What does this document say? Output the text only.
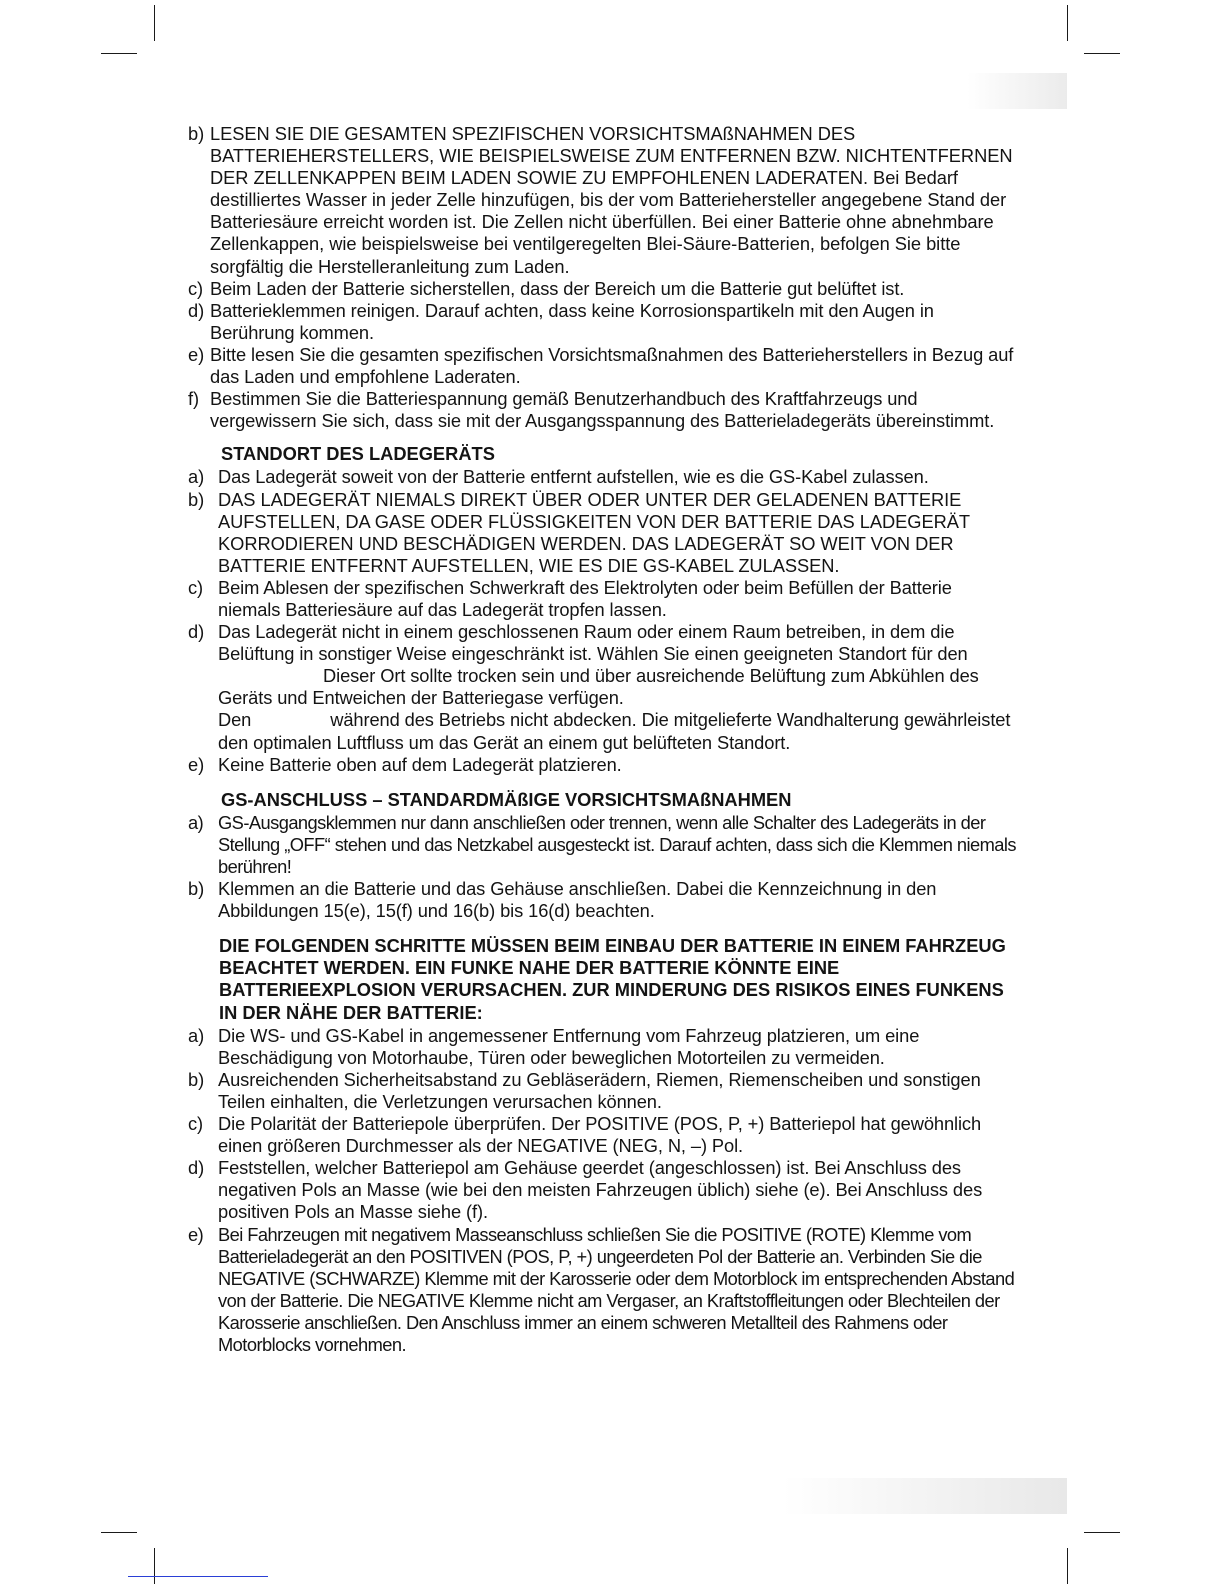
b) LESEN SIE DIE GESAMTEN SPEZIFISCHEN VORSICHTSMAßNAHMEN DES BATTERIEHERSTELLERS, WIE BEISPIELSWEISE ZUM ENTFERNEN BZW. NICHTENTFERNEN DER ZELLENKAPPEN BEIM LADEN SOWIE ZU EMPFOHLENEN LADERATEN. Bei Bedarf destilliertes Wasser in jeder Zelle hinzufügen, bis der vom Batteriehersteller angegebene Stand der Batteriesäure erreicht worden ist. Die Zellen nicht überfüllen. Bei einer Batterie ohne abnehmbare Zellenkappen, wie beispielsweise bei ventilgeregelten Blei-Säure-Batterien, befolgen Sie bitte sorgfältig die Herstelleranleitung zum Laden.
c) Beim Laden der Batterie sicherstellen, dass der Bereich um die Batterie gut belüftet ist.
d) Batterieklemmen reinigen. Darauf achten, dass keine Korrosionspartikeln mit den Augen in Berührung kommen.
e) Bitte lesen Sie die gesamten spezifischen Vorsichtsmaßnahmen des Batterieherstellers in Bezug auf das Laden und empfohlene Laderaten.
f) Bestimmen Sie die Batteriespannung gemäß Benutzerhandbuch des Kraftfahrzeugs und vergewissern Sie sich, dass sie mit der Ausgangsspannung des Batterieladegeräts übereinstimmt.
STANDORT DES LADEGERÄTS
a) Das Ladegerät soweit von der Batterie entfernt aufstellen, wie es die GS-Kabel zulassen.
b) DAS LADEGERÄT NIEMALS DIREKT ÜBER ODER UNTER DER GELADENEN BATTERIE AUFSTELLEN, DA GASE ODER FLÜSSIGKEITEN VON DER BATTERIE DAS LADEGERÄT KORRODIEREN UND BESCHÄDIGEN WERDEN. DAS LADEGERÄT SO WEIT VON DER BATTERIE ENTFERNT AUFSTELLEN, WIE ES DIE GS-KABEL ZULASSEN.
c) Beim Ablesen der spezifischen Schwerkraft des Elektrolyten oder beim Befüllen der Batterie niemals Batteriesäure auf das Ladegerät tropfen lassen.
d) Das Ladegerät nicht in einem geschlossenen Raum oder einem Raum betreiben, in dem die Belüftung in sonstiger Weise eingeschränkt ist. Wählen Sie einen geeigneten Standort für den Dieser Ort sollte trocken sein und über ausreichende Belüftung zum Abkühlen des Geräts und Entweichen der Batteriegase verfügen.
Den	während des Betriebs nicht abdecken. Die mitgelieferte Wandhalterung gewährleistet den optimalen Luftfluss um das Gerät an einem gut belüfteten Standort.
e) Keine Batterie oben auf dem Ladegerät platzieren.
GS-ANSCHLUSS – STANDARDMÄßIGE VORSICHTSMAßNAHMEN
a) GS-Ausgangsklemmen nur dann anschließen oder trennen, wenn alle Schalter des Ladegeräts in der Stellung „OFF“ stehen und das Netzkabel ausgesteckt ist. Darauf achten, dass sich die Klemmen niemals berühren!
b) Klemmen an die Batterie und das Gehäuse anschließen. Dabei die Kennzeichnung in den Abbildungen 15(e), 15(f) und 16(b) bis 16(d) beachten.
DIE FOLGENDEN SCHRITTE MÜSSEN BEIM EINBAU DER BATTERIE IN EINEM FAHRZEUG BEACHTET WERDEN. EIN FUNKE NAHE DER BATTERIE KÖNNTE EINE BATTERIEEXPLOSION VERURSACHEN. ZUR MINDERUNG DES RISIKOS EINES FUNKENS IN DER NÄHE DER BATTERIE:
a) Die WS- und GS-Kabel in angemessener Entfernung vom Fahrzeug platzieren, um eine Beschädigung von Motorhaube, Türen oder beweglichen Motorteilen zu vermeiden.
b) Ausreichenden Sicherheitsabstand zu Gebläserädern, Riemen, Riemenscheiben und sonstigen Teilen einhalten, die Verletzungen verursachen können.
c) Die Polarität der Batteriepole überprüfen. Der POSITIVE (POS, P, +) Batteriepol hat gewöhnlich einen größeren Durchmesser als der NEGATIVE (NEG, N, –) Pol.
d) Feststellen, welcher Batteriepol am Gehäuse geerdet (angeschlossen) ist. Bei Anschluss des negativen Pols an Masse (wie bei den meisten Fahrzeugen üblich) siehe (e). Bei Anschluss des positiven Pols an Masse siehe (f).
e) Bei Fahrzeugen mit negativem Masseanschluss schließen Sie die POSITIVE (ROTE) Klemme vom Batterieladegerät an den POSITIVEN (POS, P, +) ungeerdeten Pol der Batterie an. Verbinden Sie die NEGATIVE (SCHWARZE) Klemme mit der Karosserie oder dem Motorblock im entsprechenden Abstand von der Batterie. Die NEGATIVE Klemme nicht am Vergaser, an Kraftstoffleitungen oder Blechteilen der Karosserie anschließen. Den Anschluss immer an einem schweren Metallteil des Rahmens oder Motorblocks vornehmen.
